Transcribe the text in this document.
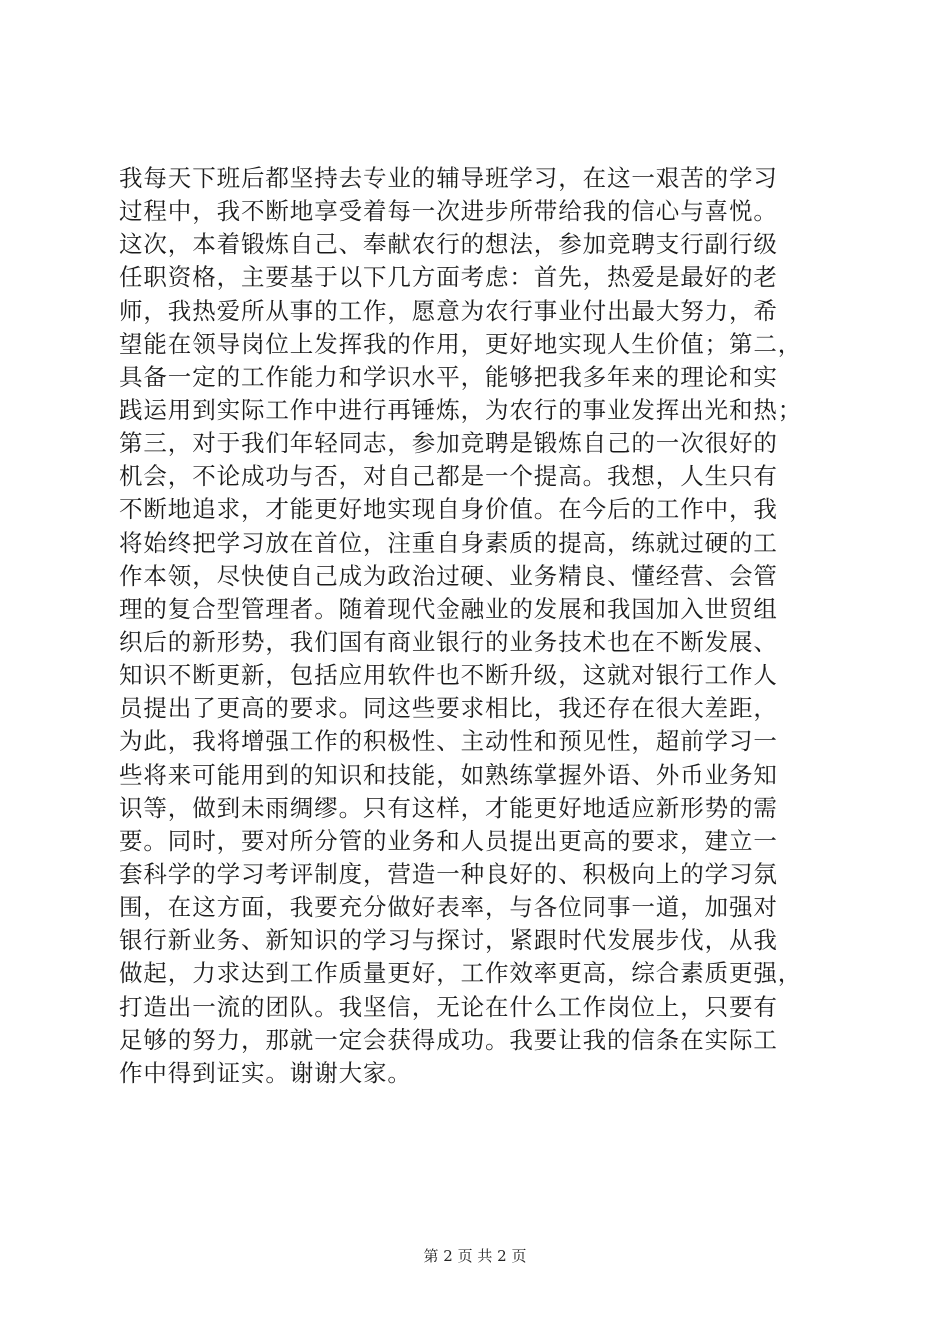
我每天下班后都坚持去专业的辅导班学习，在这一艰苦的学习
过程中，我不断地享受着每一次进步所带给我的信心与喜悦。
这次，本着锻炼自己、奉献农行的想法，参加竞聘支行副行级
任职资格，主要基于以下几方面考虑：首先，热爱是最好的老
师，我热爱所从事的工作，愿意为农行事业付出最大努力，希
望能在领导岗位上发挥我的作用，更好地实现人生价值；第二，
具备一定的工作能力和学识水平，能够把我多年来的理论和实
践运用到实际工作中进行再锤炼，为农行的事业发挥出光和热；
第三，对于我们年轻同志，参加竞聘是锻炼自己的一次很好的
机会，不论成功与否，对自己都是一个提高。我想，人生只有
不断地追求，才能更好地实现自身价值。在今后的工作中，我
将始终把学习放在首位，注重自身素质的提高，练就过硬的工
作本领，尽快使自己成为政治过硬、业务精良、懂经营、会管
理的复合型管理者。随着现代金融业的发展和我国加入世贸组
织后的新形势，我们国有商业银行的业务技术也在不断发展、
知识不断更新，包括应用软件也不断升级，这就对银行工作人
员提出了更高的要求。同这些要求相比，我还存在很大差距，
为此，我将增强工作的积极性、主动性和预见性，超前学习一
些将来可能用到的知识和技能，如熟练掌握外语、外币业务知
识等，做到未雨绸缪。只有这样，才能更好地适应新形势的需
要。同时，要对所分管的业务和人员提出更高的要求，建立一
套科学的学习考评制度，营造一种良好的、积极向上的学习氛
围，在这方面，我要充分做好表率，与各位同事一道，加强对
银行新业务、新知识的学习与探讨，紧跟时代发展步伐，从我
做起，力求达到工作质量更好，工作效率更高，综合素质更强，
打造出一流的团队。我坚信，无论在什么工作岗位上，只要有
足够的努力，那就一定会获得成功。我要让我的信条在实际工
作中得到证实。谢谢大家。
第 2 页 共 2 页
